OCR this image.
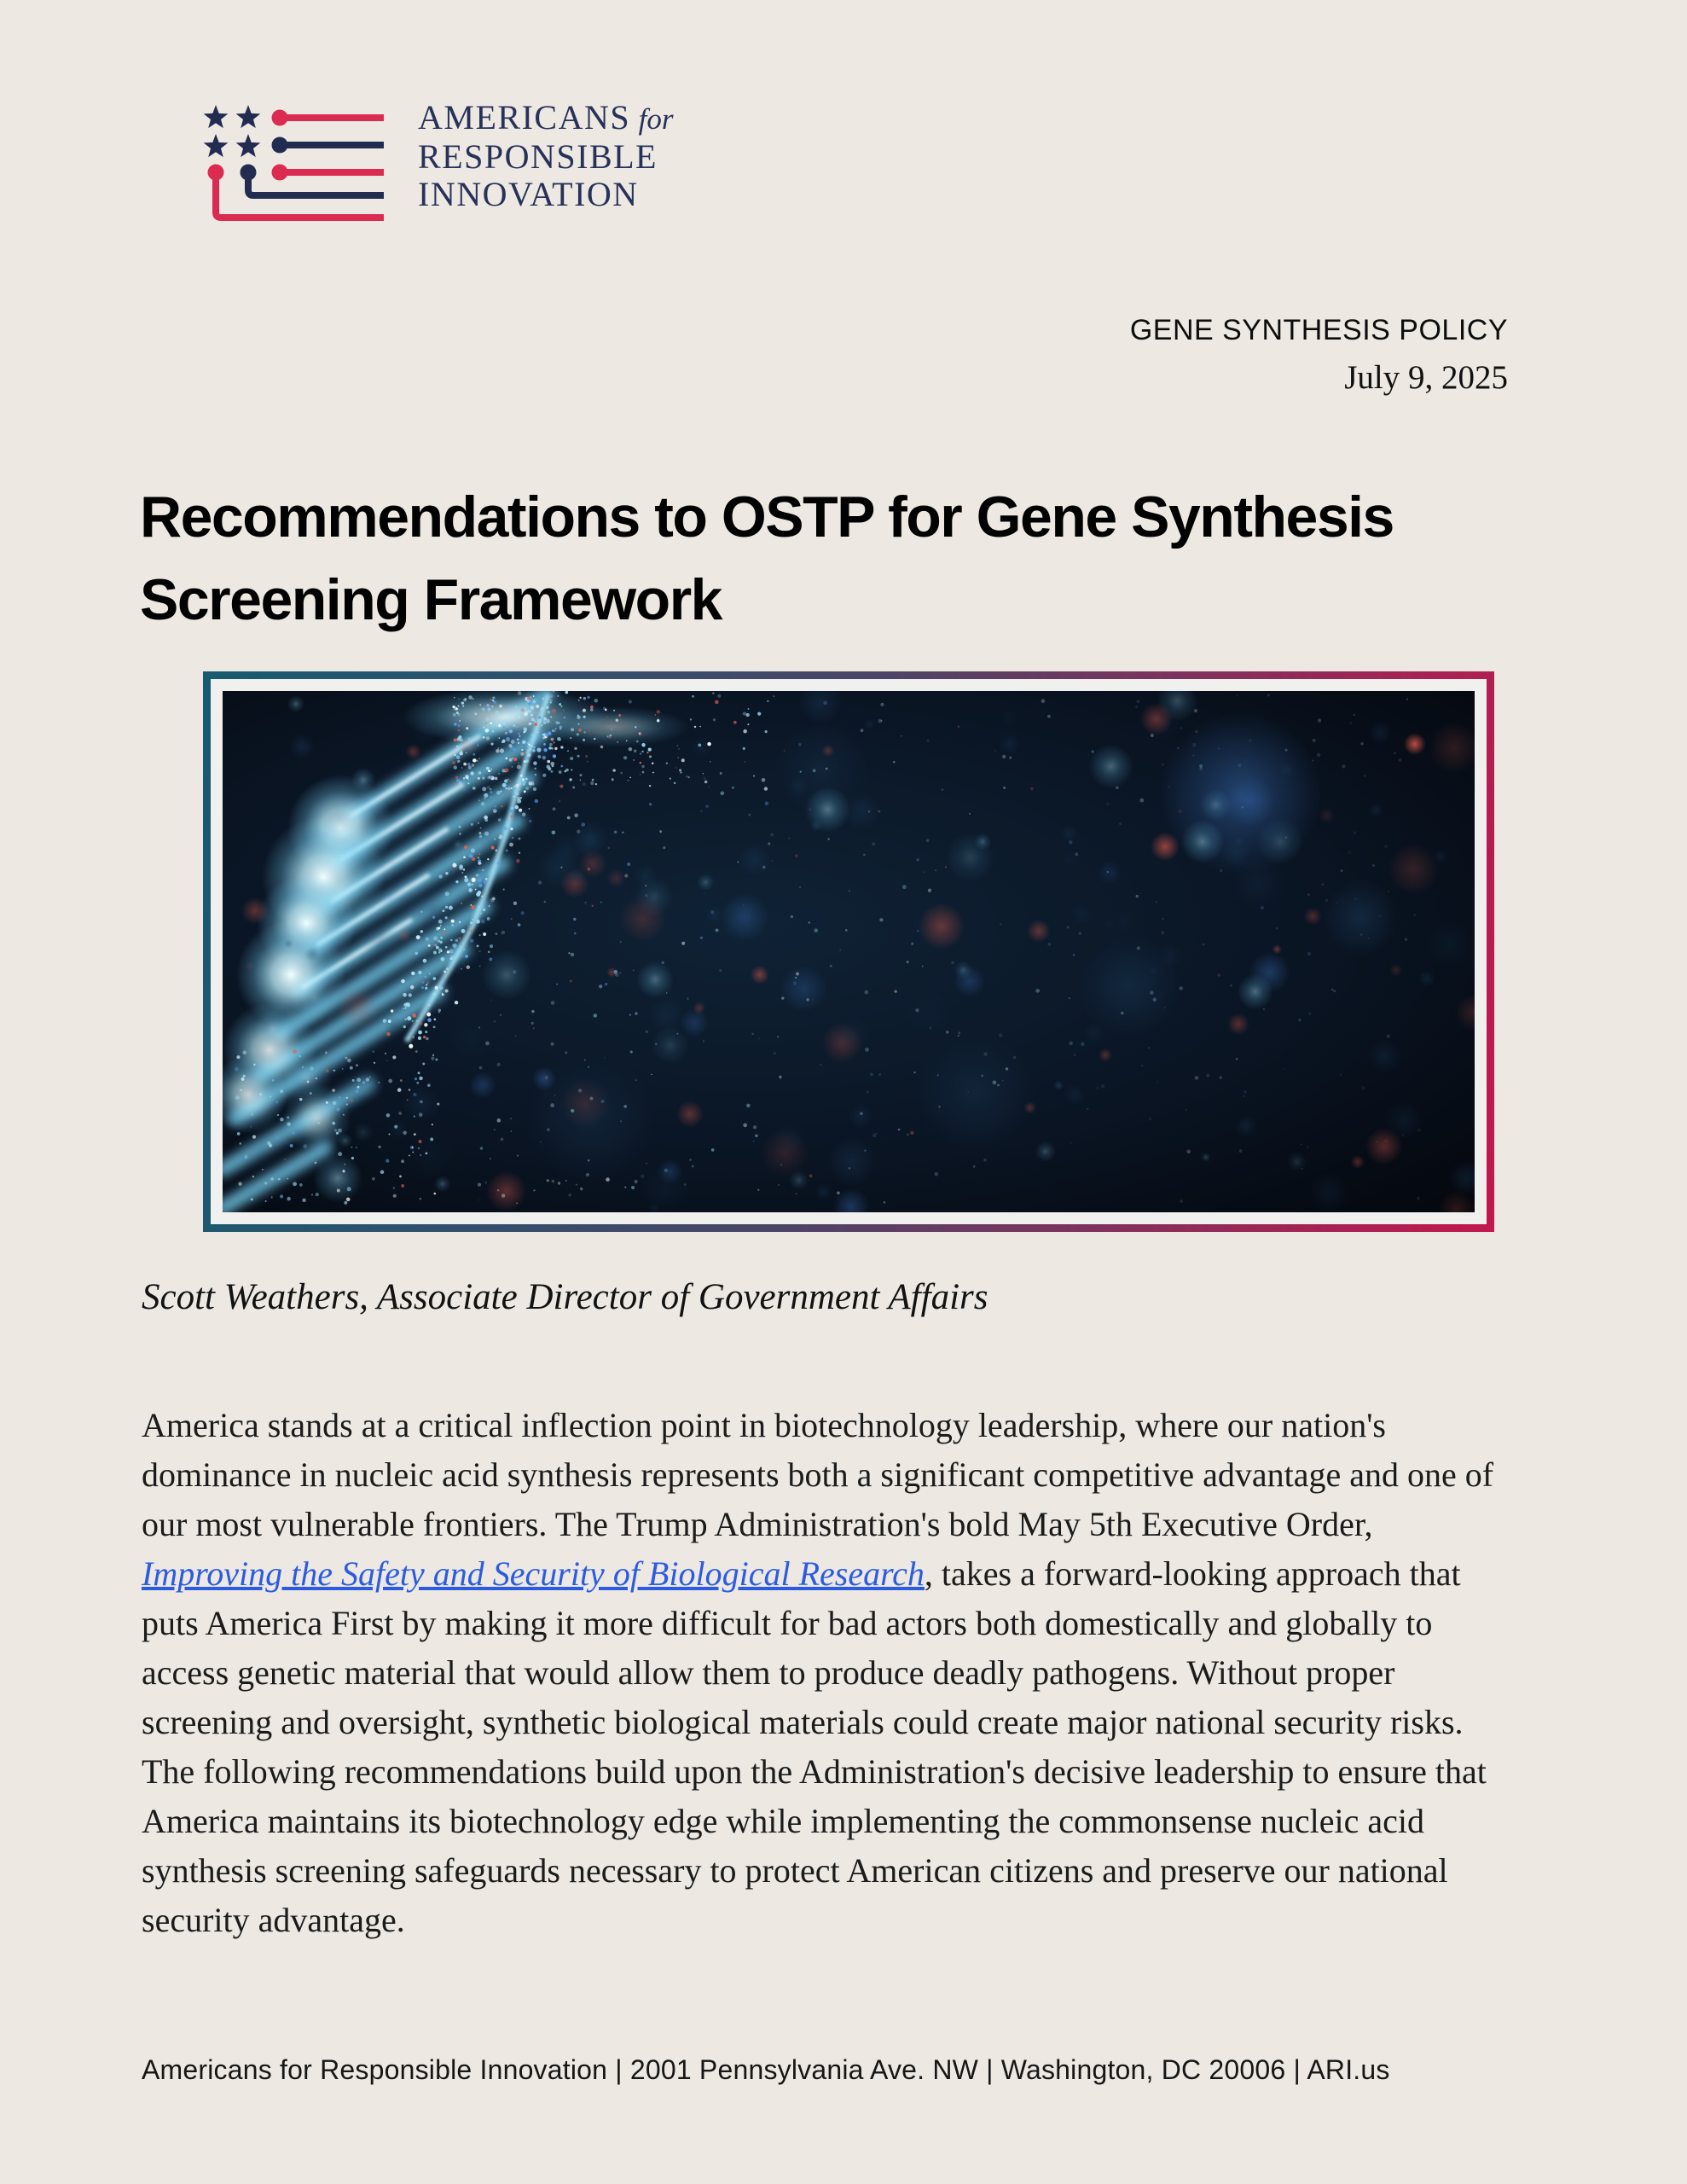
AMERICANS  for
RESPONSIBLE
INNOVATION
GENE SYNTHESIS POLICY
July 9, 2025
Recommendations to OSTP for Gene Synthesis Screening Framework
Scott Weathers, Associate Director of Government Affairs

America stands at a critical inflection point in biotechnology leadership, where our nation's dominance in nucleic acid synthesis represents both a significant competitive advantage and one of our most vulnerable frontiers. The Trump Administration's bold May 5th Executive Order, Improving the Safety and Security of Biological Research, takes a forward-looking approach that puts America First by making it more difficult for bad actors both domestically and globally to access genetic material that would allow them to produce deadly pathogens. Without proper screening and oversight, synthetic biological materials could create major national security risks. The following recommendations build upon the Administration's decisive leadership to ensure that America maintains its biotechnology edge while implementing the commonsense nucleic acid synthesis screening safeguards necessary to protect American citizens and preserve our national security advantage.

Americans for Responsible Innovation | 2001 Pennsylvania Ave. NW | Washington, DC 20006 | ARI.us
